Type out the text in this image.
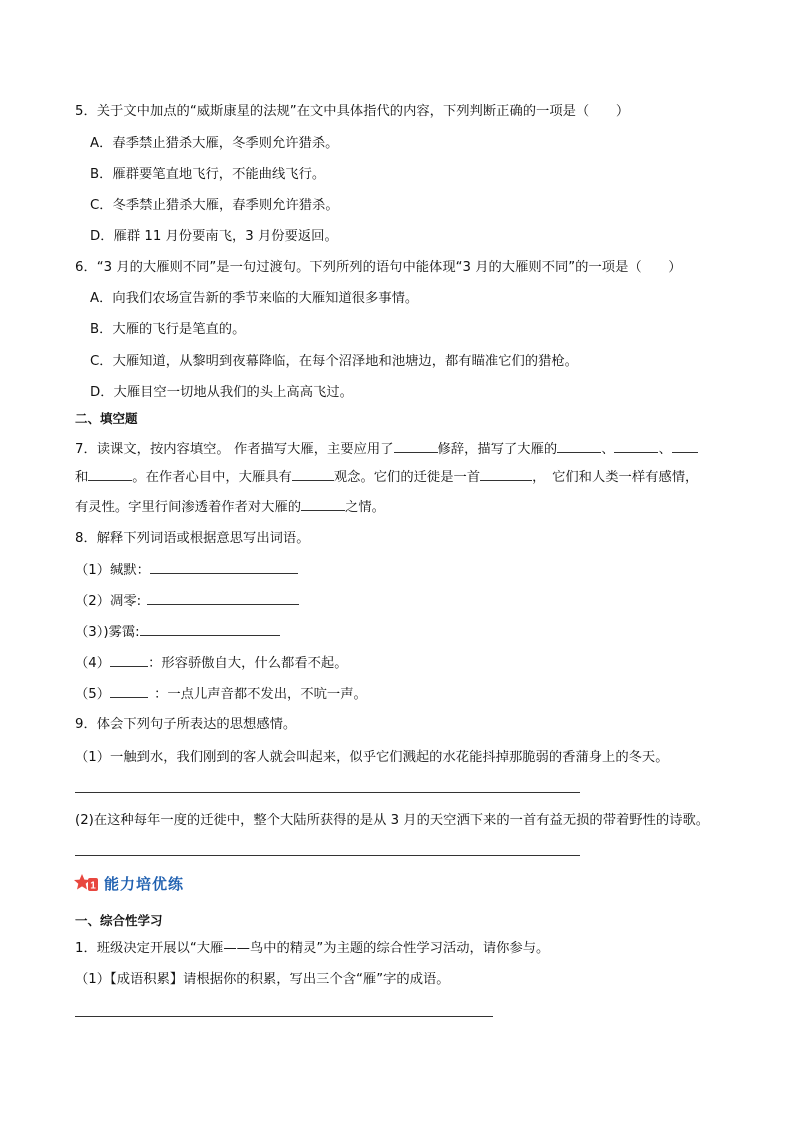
5．关于文中加点的“威斯康星的法规”在文中具体指代的内容，下列判断正确的一项是（　　）
A．春季禁止猎杀大雁，冬季则允许猎杀。
B．雁群要笔直地飞行，不能曲线飞行。
C．冬季禁止猎杀大雁，春季则允许猎杀。
D．雁群 11 月份要南飞，3 月份要返回。
6．“3 月的大雁则不同”是一句过渡句。下列所列的语句中能体现“3 月的大雁则不同”的一项是（　　）
A．向我们农场宣告新的季节来临的大雁知道很多事情。
B．大雁的飞行是笔直的。
C．大雁知道，从黎明到夜幕降临，在每个沼泽地和池塘边，都有瞄准它们的猎枪。
D．大雁目空一切地从我们的头上高高飞过。
二、填空题
7．读课文，按内容填空。 作者描写大雁，主要应用了	修辞，描写了大雁的	、	、
和	。在作者心目中，大雁具有	观念。它们的迁徙是一首	，　它们和人类一样有感情，
有灵性。字里行间渗透着作者对大雁的	之情。
8．解释下列词语或根据意思写出词语。
（1）缄默：
（2）凋零:
（3）)雾霭:
（4）	：形容骄傲自大，什么都看不起。
（5）	：一点儿声音都不发出，不吭一声。
9．体会下列句子所表达的思想感情。
（1）一触到水，我们刚到的客人就会叫起来，似乎它们溅起的水花能抖掉那脆弱的香蒲身上的冬天。
(2)在这种每年一度的迁徙中，整个大陆所获得的是从 3 月的天空洒下来的一首有益无损的带着野性的诗歌。
1 能力培优练
一、综合性学习
1．班级决定开展以“大雁——鸟中的精灵”为主题的综合性学习活动，请你参与。
（1）【成语积累】请根据你的积累，写出三个含“雁”字的成语。
